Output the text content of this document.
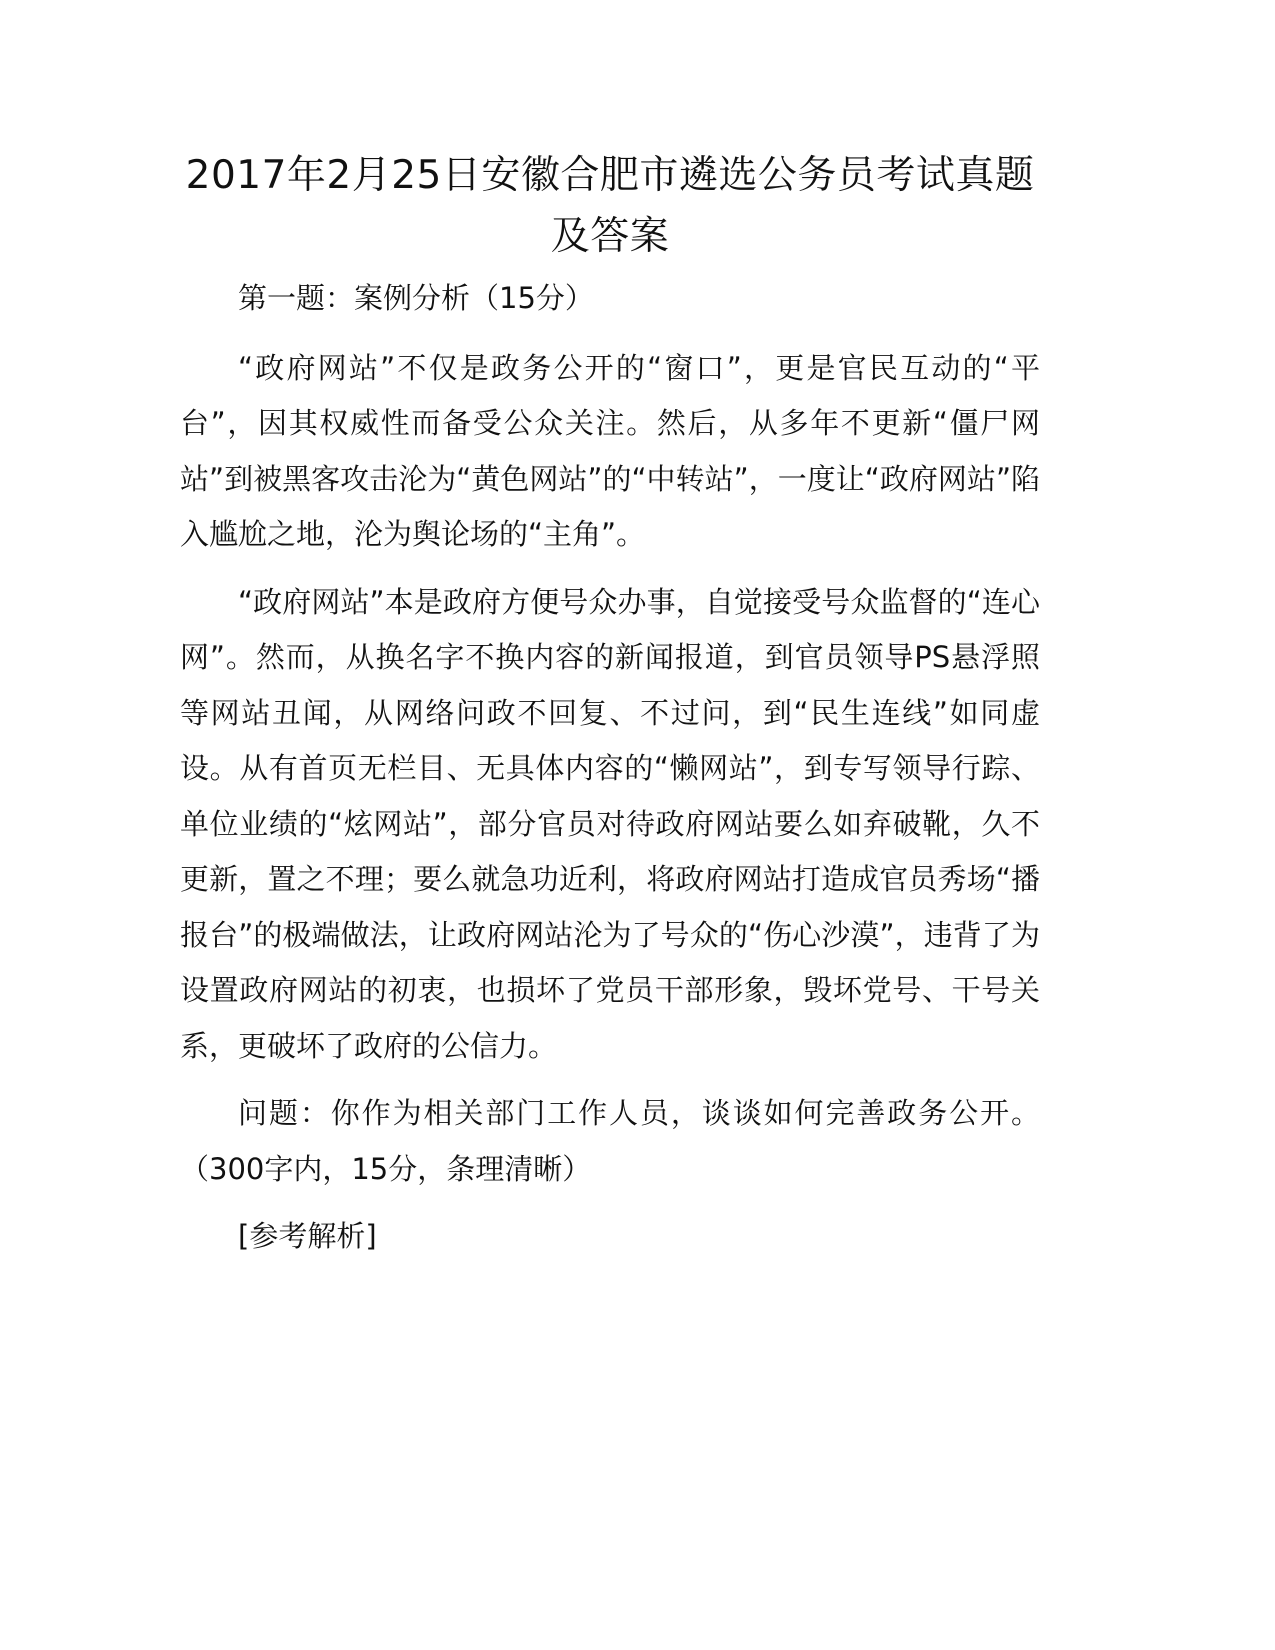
2017年2月25日安徽合肥市遴选公务员考试真题及答案

第一题：案例分析（15分）

“政府网站”不仅是政务公开的“窗口”，更是官民互动的“平台”，因其权威性而备受公众关注。然后，从多年不更新“僵尸网站”到被黑客攻击沦为“黄色网站”的“中转站”，一度让“政府网站”陷入尴尬之地，沦为舆论场的“主角”。

“政府网站”本是政府方便号众办事，自觉接受号众监督的“连心网”。然而，从换名字不换内容的新闻报道，到官员领导PS悬浮照等网站丑闻，从网络问政不回复、不过问，到“民生连线”如同虚设。从有首页无栏目、无具体内容的“懒网站”，到专写领导行踪、单位业绩的“炫网站”，部分官员对待政府网站要么如弃破靴，久不更新，置之不理；要么就急功近利，将政府网站打造成官员秀场“播报台”的极端做法，让政府网站沦为了号众的“伤心沙漠”，违背了为设置政府网站的初衷，也损坏了党员干部形象，毁坏党号、干号关系，更破坏了政府的公信力。

问题：你作为相关部门工作人员，谈谈如何完善政务公开。（300字内，15分，条理清晰）

[参考解析]
